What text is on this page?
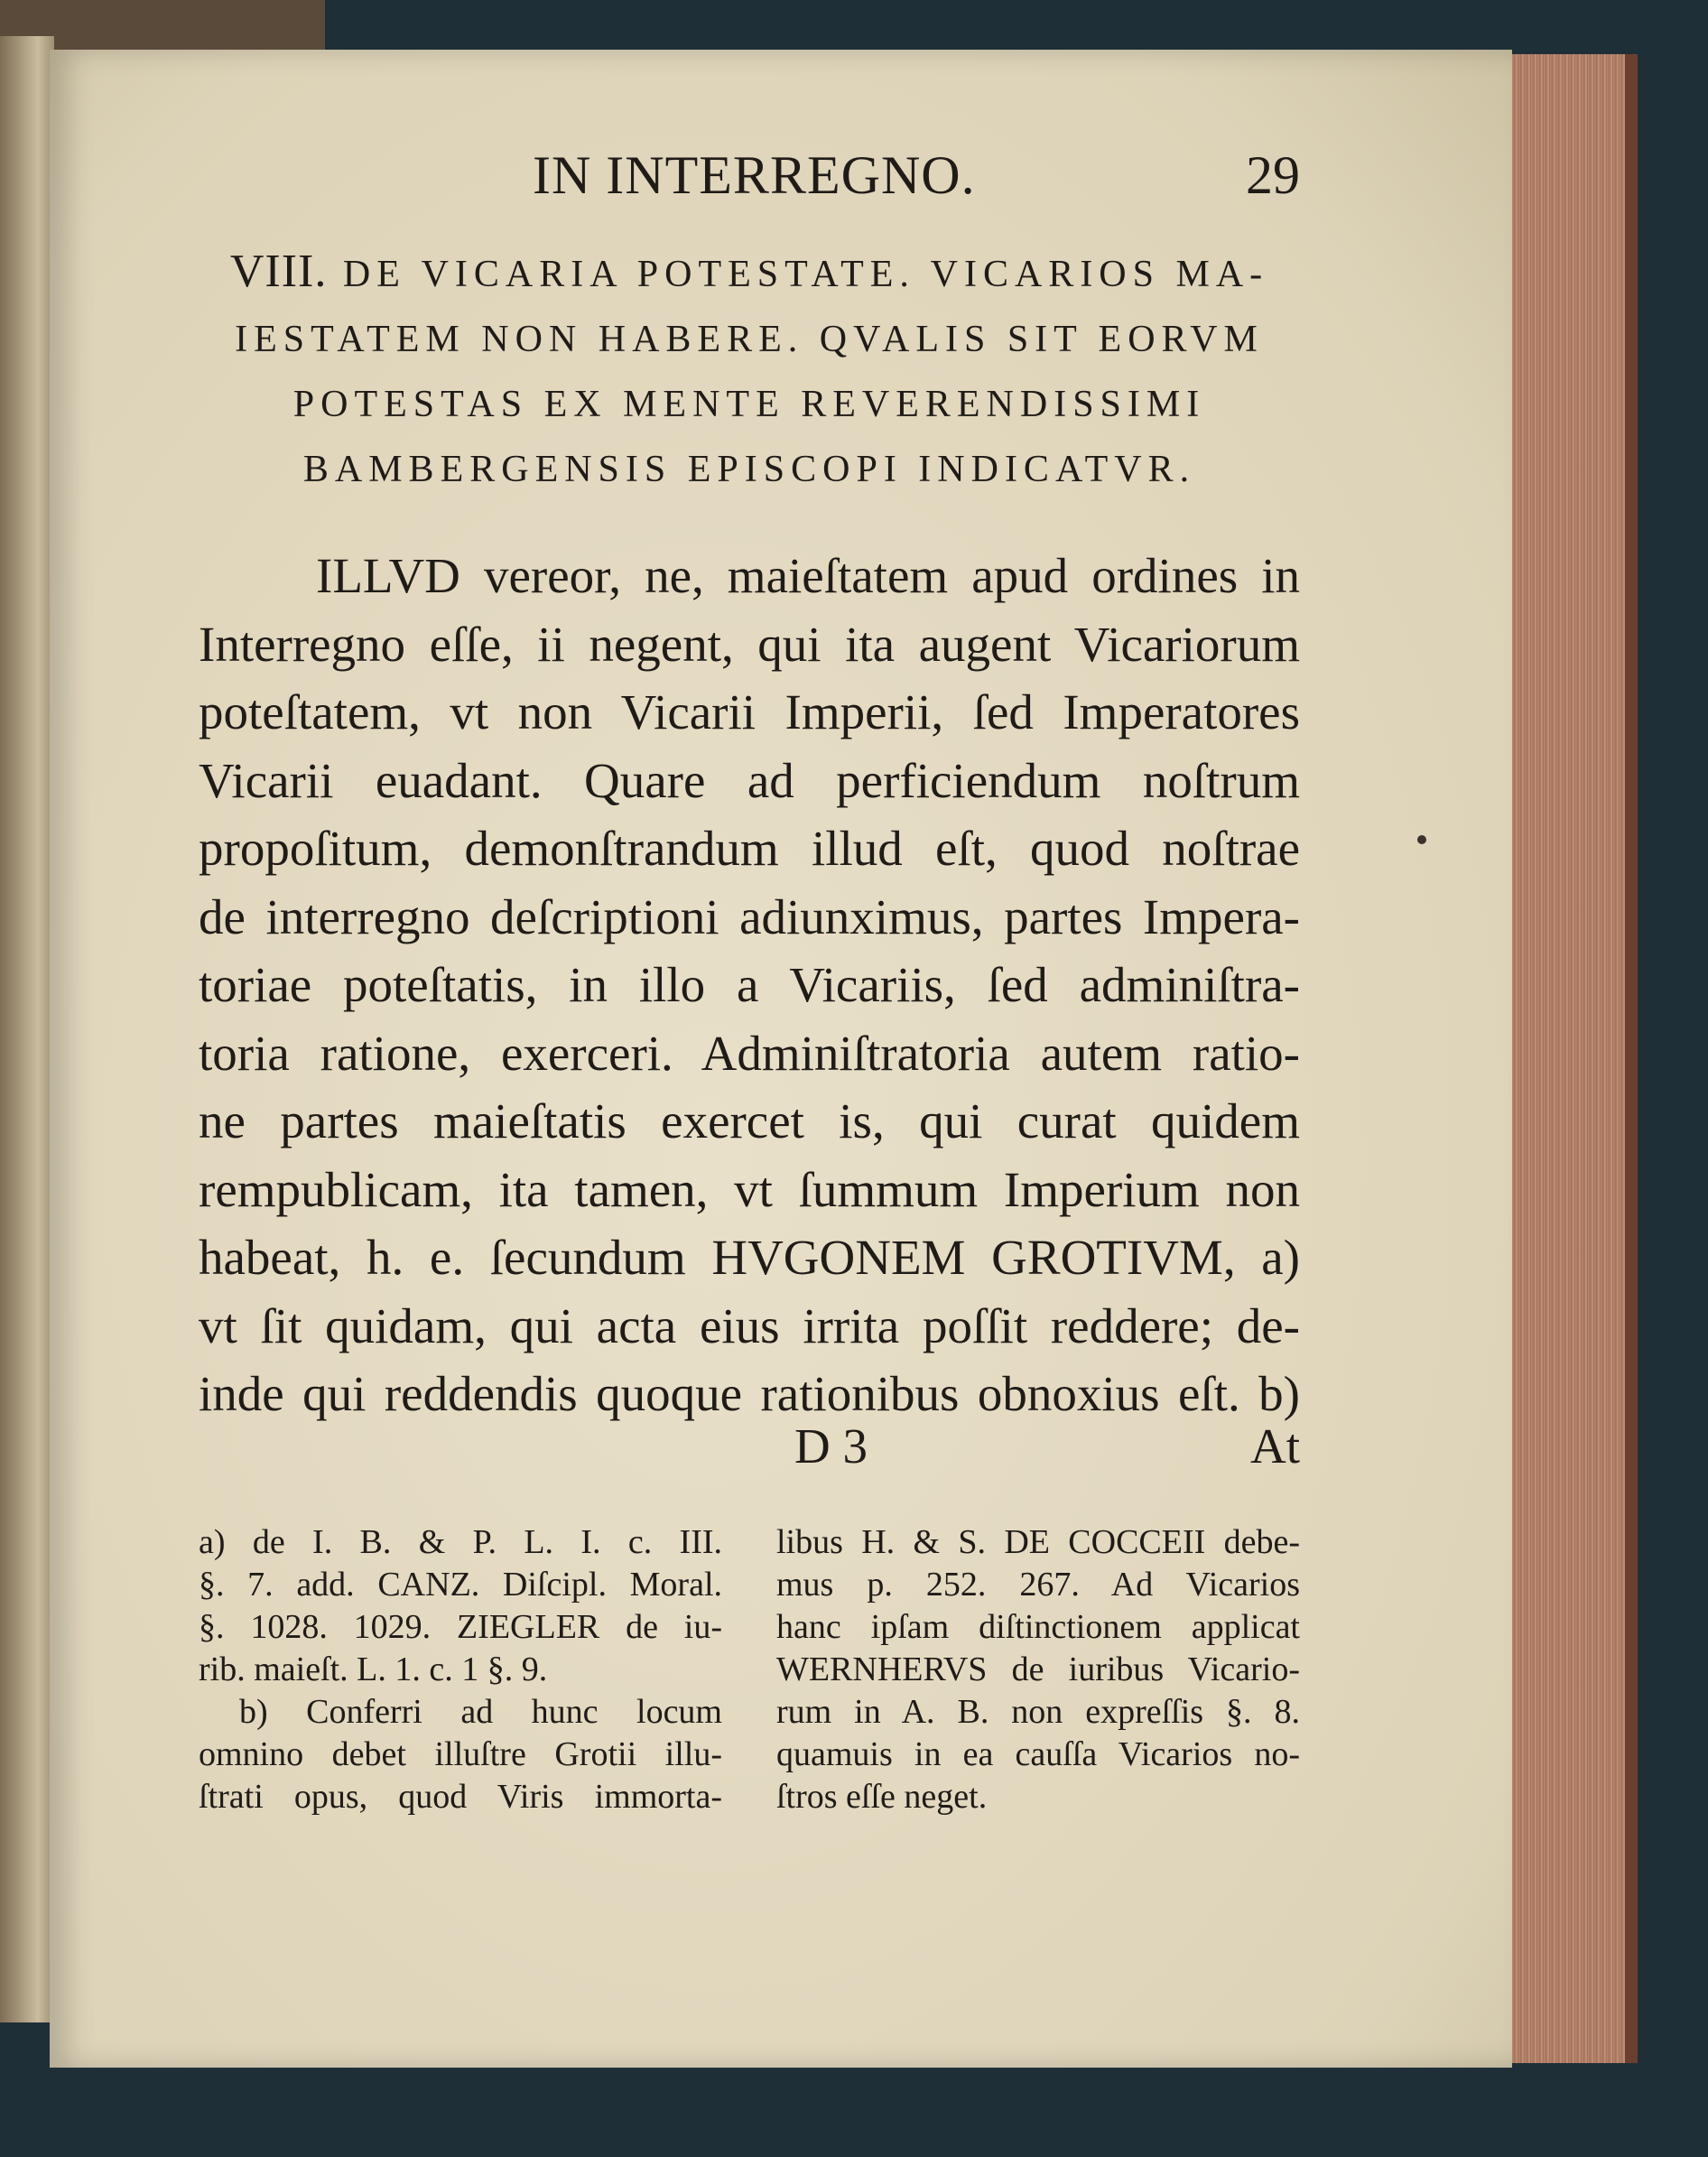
IN INTERREGNO.	29
VIII. DE VICARIA POTESTATE. VICARIOS MA-
IESTATEM NON HABERE. QVALIS SIT EORVM
POTESTAS EX MENTE REVERENDISSIMI
BAMBERGENSIS EPISCOPI INDICATVR.
ILLVD vereor, ne, maieſtatem apud ordines in
Interregno eſſe, ii negent, qui ita augent Vicariorum
poteſtatem, vt non Vicarii Imperii, ſed Imperatores
Vicarii euadant. Quare ad perficiendum noſtrum
propoſitum, demonſtrandum illud eſt, quod noſtrae
de interregno deſcriptioni adiunximus, partes Impera-
toriae poteſtatis, in illo a Vicariis, ſed adminiſtra-
toria ratione, exerceri. Adminiſtratoria autem ratio-
ne partes maieſtatis exercet is, qui curat quidem
rempublicam, ita tamen, vt ſummum Imperium non
habeat, h. e. ſecundum HVGONEM GROTIVM, a)
vt ſit quidam, qui acta eius irrita poſſit reddere; de-
inde qui reddendis quoque rationibus obnoxius eſt. b)
D 3	At
a) de I. B. & P. L. I. c. III.
§. 7. add. CANZ. Diſcipl. Moral.
§. 1028. 1029. ZIEGLER de iu-
rib. maieſt. L. 1. c. 1 §. 9.
b) Conferri ad hunc locum
omnino debet illuſtre Grotii illu-
ſtrati opus, quod Viris immorta-
libus H. & S. DE COCCEII debe-
mus p. 252. 267. Ad Vicarios
hanc ipſam diſtinctionem applicat
WERNHERVS de iuribus Vicario-
rum in A. B. non expreſſis §. 8.
quamuis in ea cauſſa Vicarios no-
ſtros eſſe neget.
